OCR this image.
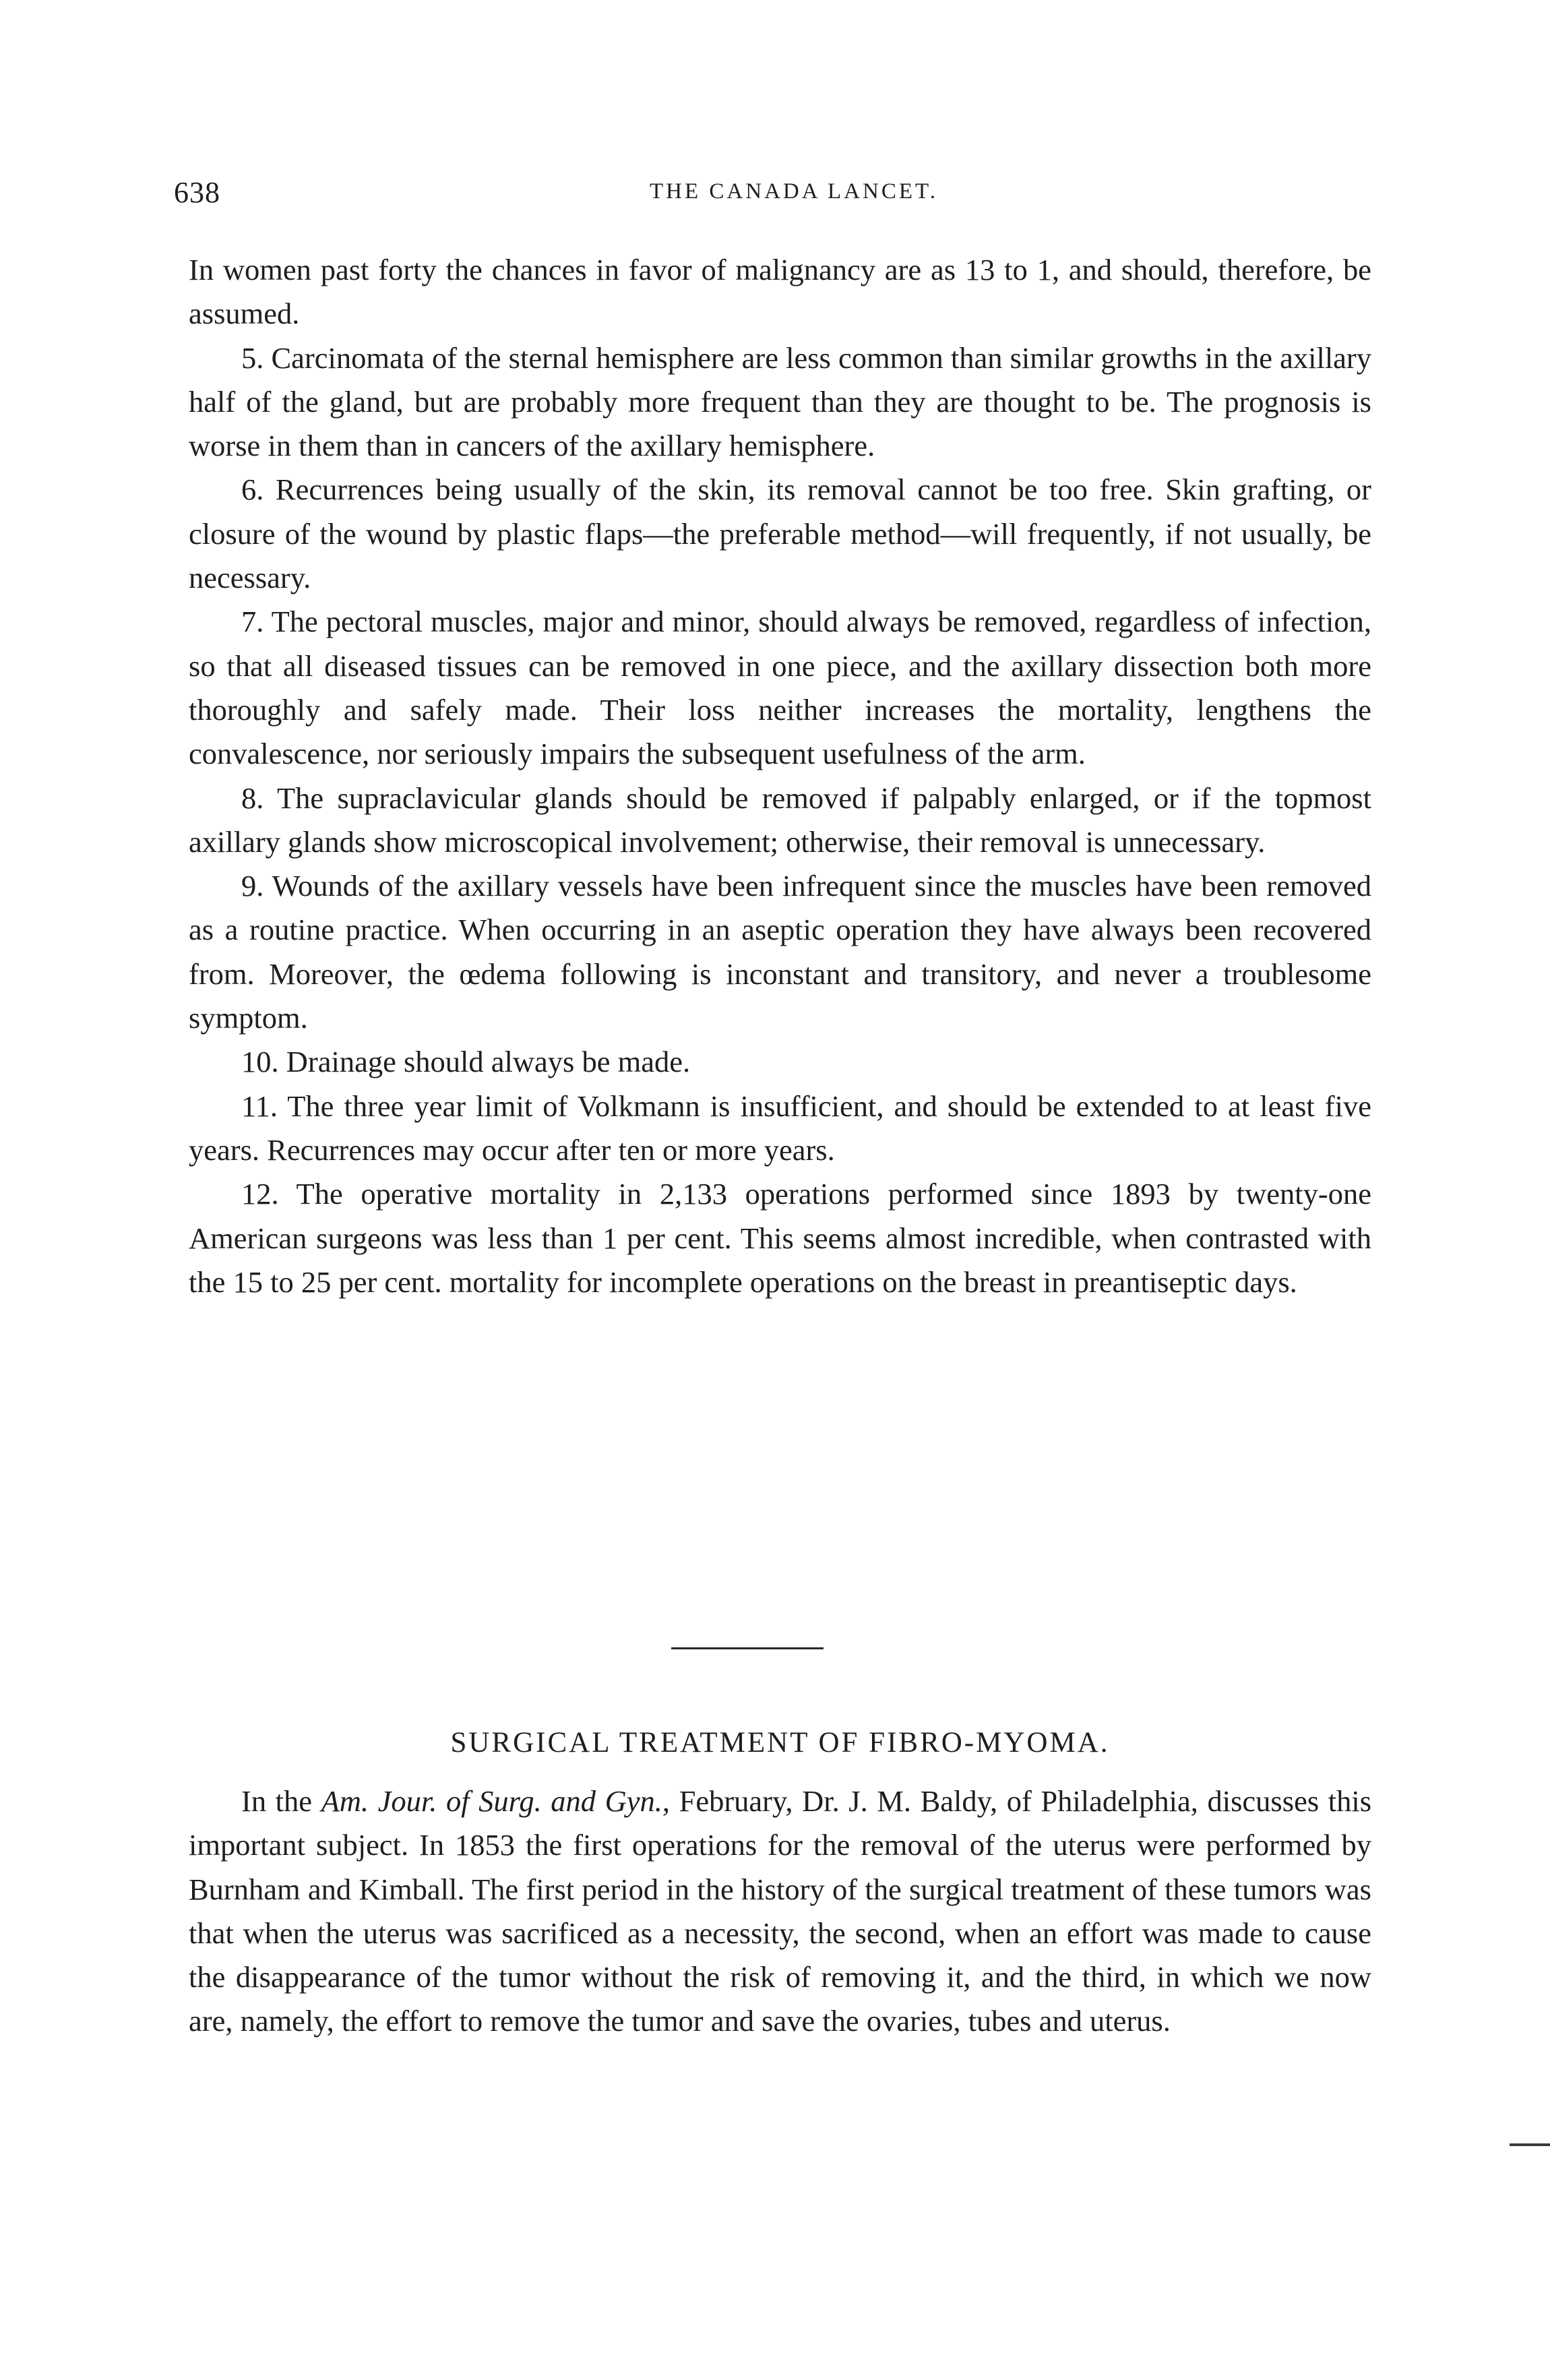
638	THE CANADA LANCET.

In women past forty the chances in favor of malignancy are as 13 to 1, and should, therefore, be assumed.

5. Carcinomata of the sternal hemisphere are less common than similar growths in the axillary half of the gland, but are probably more frequent than they are thought to be. The prognosis is worse in them than in cancers of the axillary hemisphere.

6. Recurrences being usually of the skin, its removal cannot be too free. Skin grafting, or closure of the wound by plastic flaps—the preferable method—will frequently, if not usually, be necessary.

7. The pectoral muscles, major and minor, should always be removed, regardless of infection, so that all diseased tissues can be removed in one piece, and the axillary dissection both more thoroughly and safely made. Their loss neither increases the mortality, lengthens the convalescence, nor seriously impairs the subsequent usefulness of the arm.

8. The supraclavicular glands should be removed if palpably enlarged, or if the topmost axillary glands show microscopical involvement; otherwise, their removal is unnecessary.

9. Wounds of the axillary vessels have been infrequent since the muscles have been removed as a routine practice. When occurring in an aseptic operation they have always been recovered from. Moreover, the œdema following is inconstant and transitory, and never a troublesome symptom.

10. Drainage should always be made.

11. The three year limit of Volkmann is insufficient, and should be extended to at least five years. Recurrences may occur after ten or more years.

12. The operative mortality in 2,133 operations performed since 1893 by twenty-one American surgeons was less than 1 per cent. This seems almost incredible, when contrasted with the 15 to 25 per cent. mortality for incomplete operations on the breast in preantiseptic days.

SURGICAL TREATMENT OF FIBRO-MYOMA.

In the Am. Jour. of Surg. and Gyn., February, Dr. J. M. Baldy, of Philadelphia, discusses this important subject. In 1853 the first operations for the removal of the uterus were performed by Burnham and Kimball. The first period in the history of the surgical treatment of these tumors was that when the uterus was sacrificed as a necessity, the second, when an effort was made to cause the disappearance of the tumor without the risk of removing it, and the third, in which we now are, namely, the effort to remove the tumor and save the ovaries, tubes and uterus.
